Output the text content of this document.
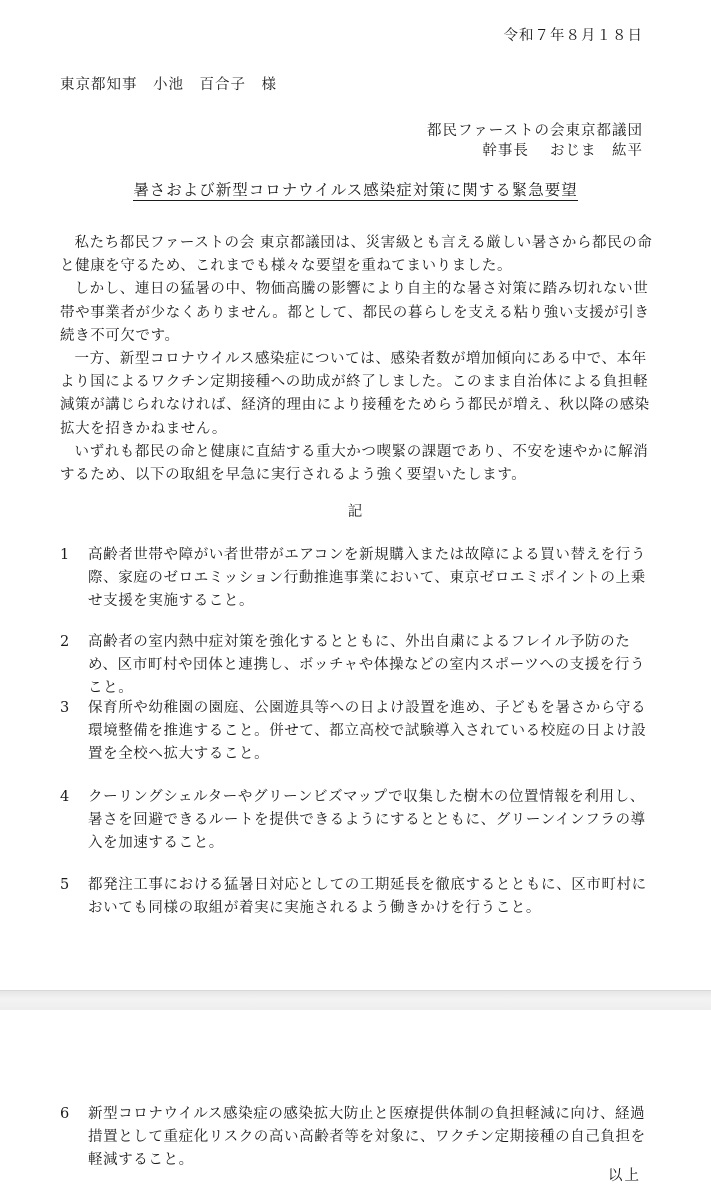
令和７年８月１８日
東京都知事　小池　百合子　様
都民ファーストの会東京都議団
幹事長　 おじま　紘平
暑さおよび新型コロナウイルス感染症対策に関する緊急要望

私たち都民ファーストの会 東京都議団は、災害級とも言える厳しい暑さから都民の命と健康を守るため、これまでも様々な要望を重ねてまいりました。

しかし、連日の猛暑の中、物価高騰の影響により自主的な暑さ対策に踏み切れない世帯や事業者が少なくありません。都として、都民の暮らしを支える粘り強い支援が引き続き不可欠です。

一方、新型コロナウイルス感染症については、感染者数が増加傾向にある中で、本年より国によるワクチン定期接種への助成が終了しました。このまま自治体による負担軽減策が講じられなければ、経済的理由により接種をためらう都民が増え、秋以降の感染拡大を招きかねません。

いずれも都民の命と健康に直結する重大かつ喫緊の課題であり、不安を速やかに解消するため、以下の取組を早急に実行されるよう強く要望いたします。

記
1	高齢者世帯や障がい者世帯がエアコンを新規購入または故障による買い替えを行う際、家庭のゼロエミッション行動推進事業において、東京ゼロエミポイントの上乗せ支援を実施すること。
2	高齢者の室内熱中症対策を強化するとともに、外出自粛によるフレイル予防のため、区市町村や団体と連携し、ボッチャや体操などの室内スポーツへの支援を行うこと。
3	保育所や幼稚園の園庭、公園遊具等への日よけ設置を進め、子どもを暑さから守る環境整備を推進すること。併せて、都立高校で試験導入されている校庭の日よけ設置を全校へ拡大すること。
4	クーリングシェルターやグリーンビズマップで収集した樹木の位置情報を利用し、暑さを回避できるルートを提供できるようにするとともに、グリーンインフラの導入を加速すること。
5	都発注工事における猛暑日対応としての工期延長を徹底するとともに、区市町村においても同様の取組が着実に実施されるよう働きかけを行うこと。
6	新型コロナウイルス感染症の感染拡大防止と医療提供体制の負担軽減に向け、経過措置として重症化リスクの高い高齢者等を対象に、ワクチン定期接種の自己負担を軽減すること。
以上
